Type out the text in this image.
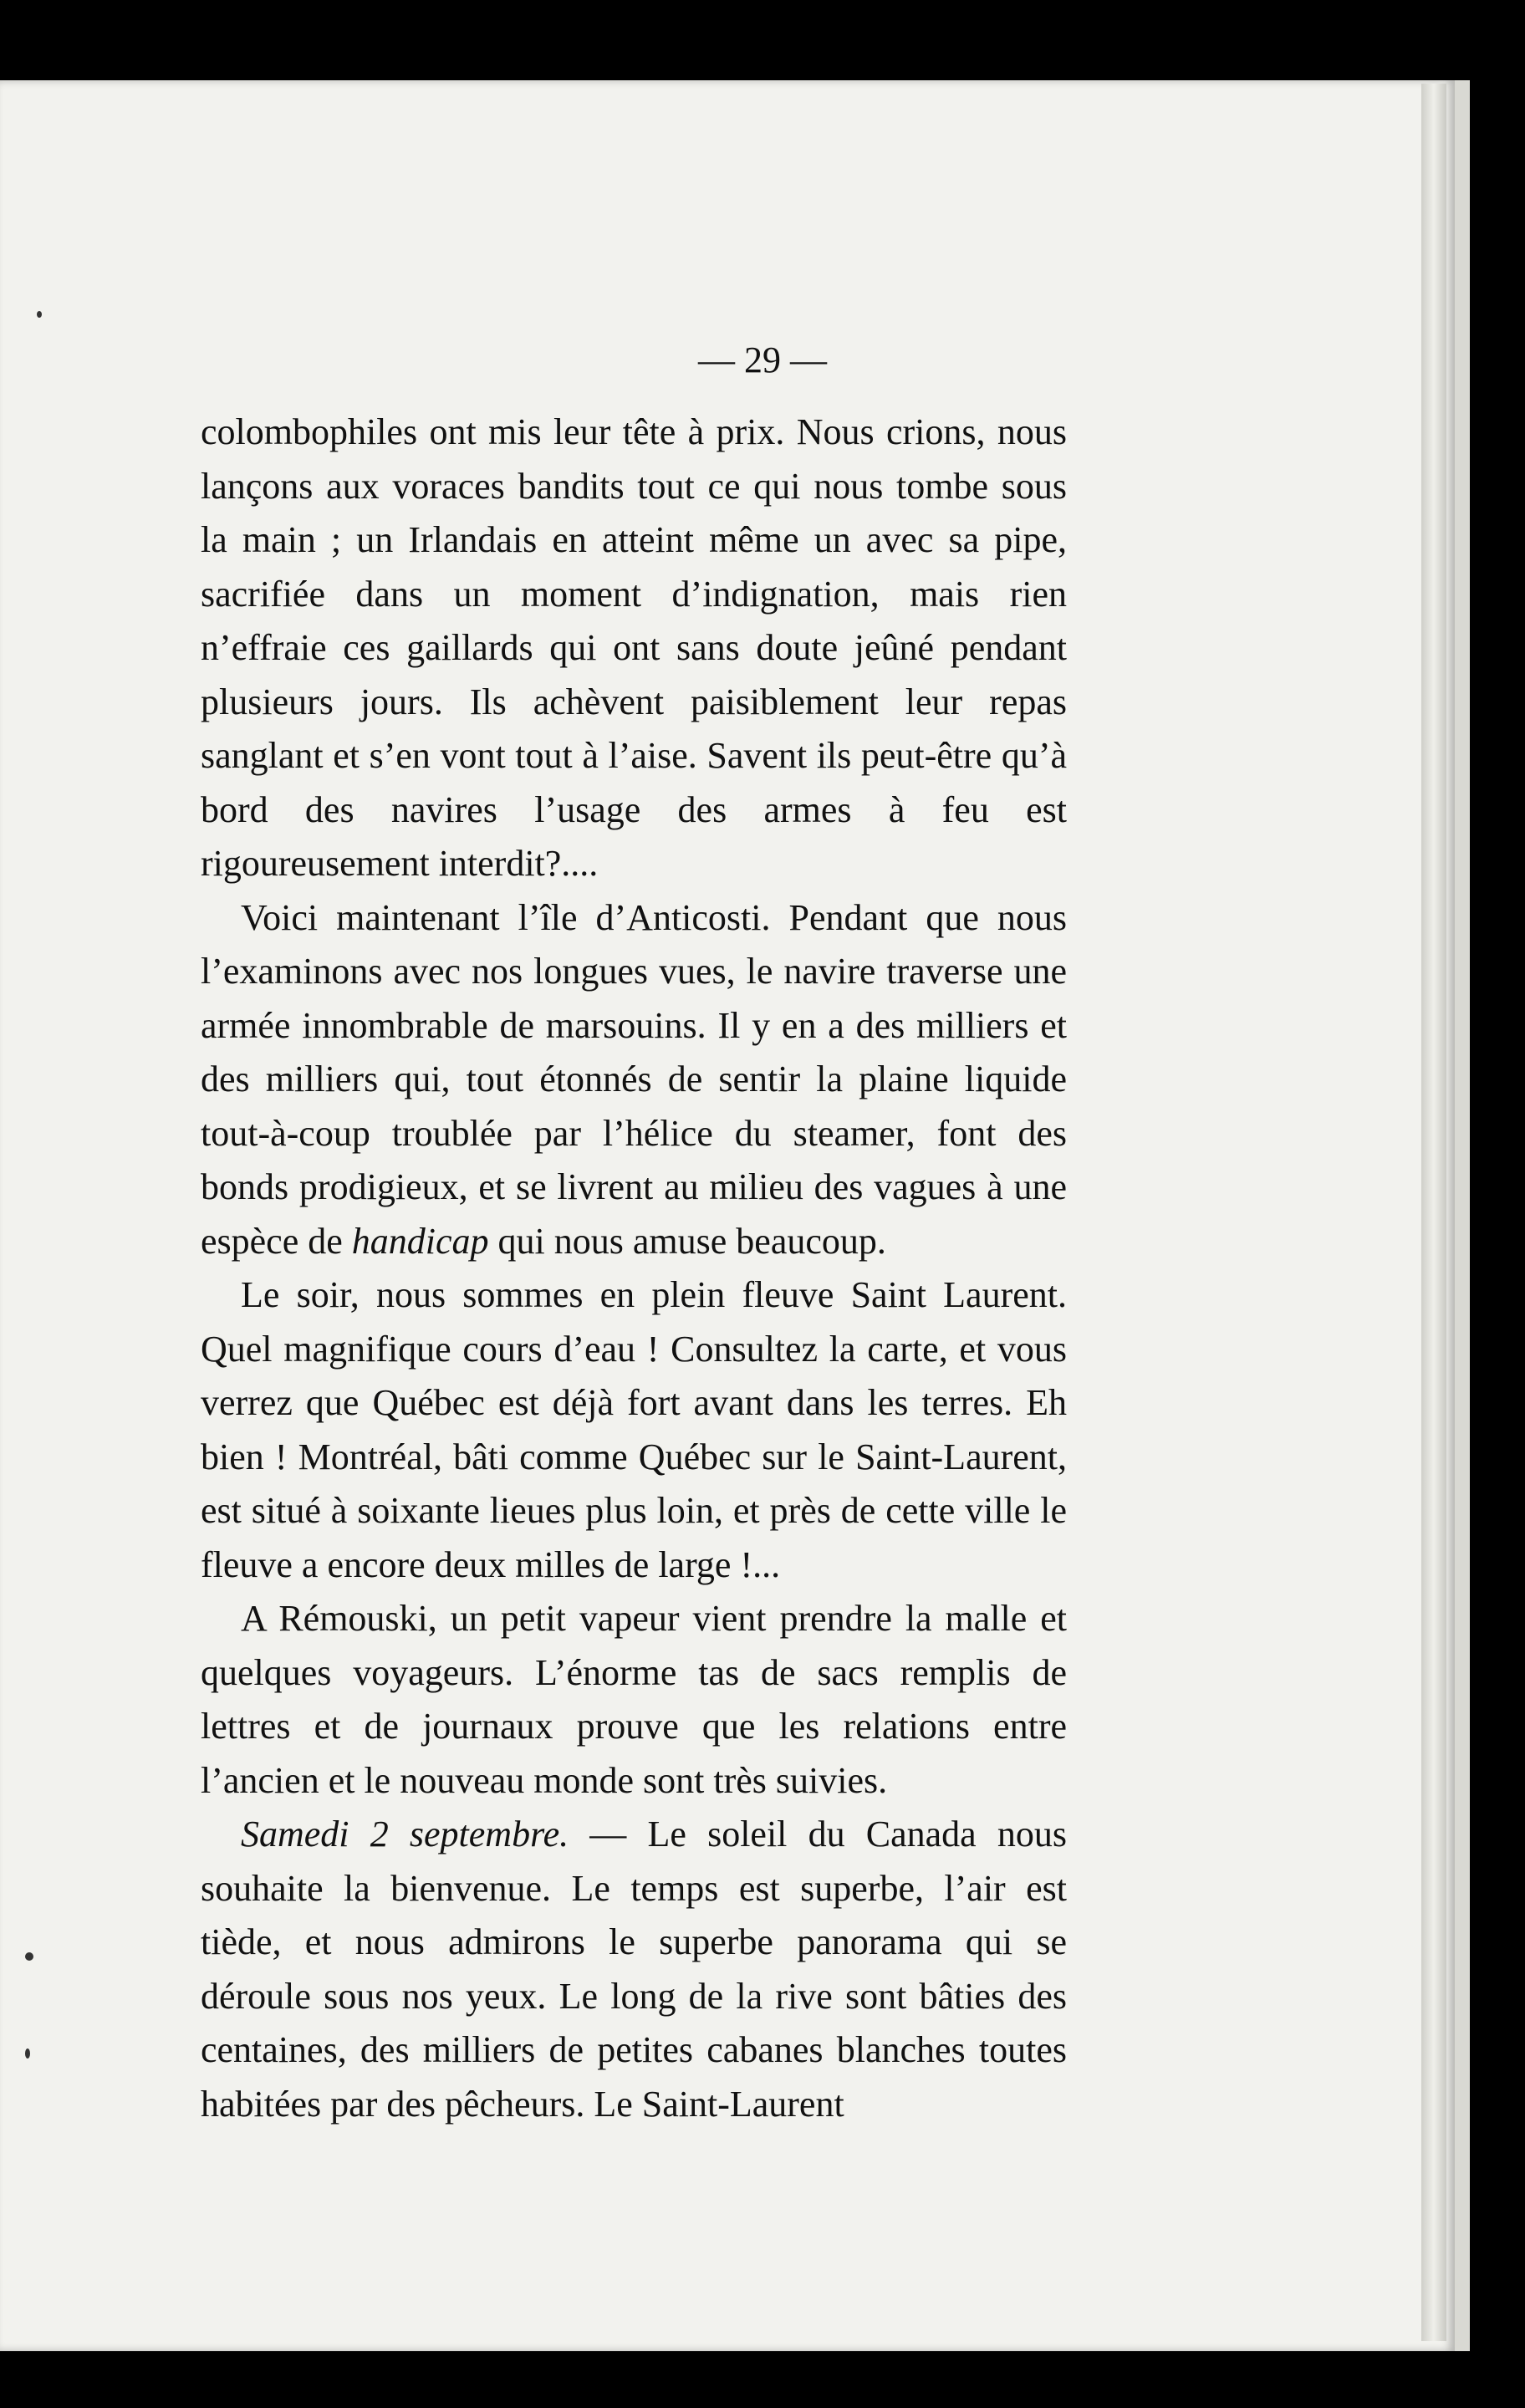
— 29 —

colombophiles ont mis leur tête à prix. Nous crions, nous lançons aux voraces bandits tout ce qui nous tombe sous la main ; un Irlandais en atteint même un avec sa pipe, sacrifiée dans un moment d’indignation, mais rien n’effraie ces gaillards qui ont sans doute jeûné pendant plusieurs jours. Ils achèvent paisiblement leur repas sanglant et s’en vont tout à l’aise. Savent ils peut-être qu’à bord des navires l’usage des armes à feu est rigoureusement interdit?....

Voici maintenant l’île d’Anticosti. Pendant que nous l’examinons avec nos longues vues, le navire traverse une armée innombrable de marsouins. Il y en a des milliers et des milliers qui, tout étonnés de sentir la plaine liquide tout-à-coup troublée par l’hélice du steamer, font des bonds prodigieux, et se livrent au milieu des vagues à une espèce de handicap qui nous amuse beaucoup.

Le soir, nous sommes en plein fleuve Saint Laurent. Quel magnifique cours d’eau ! Consultez la carte, et vous verrez que Québec est déjà fort avant dans les terres. Eh bien ! Montréal, bâti comme Québec sur le Saint-Laurent, est situé à soixante lieues plus loin, et près de cette ville le fleuve a encore deux milles de large !...

A Rémouski, un petit vapeur vient prendre la malle et quelques voyageurs. L’énorme tas de sacs remplis de lettres et de journaux prouve que les relations entre l’ancien et le nouveau monde sont très suivies.

Samedi 2 septembre. — Le soleil du Canada nous souhaite la bienvenue. Le temps est superbe, l’air est tiède, et nous admirons le superbe panorama qui se déroule sous nos yeux. Le long de la rive sont bâties des centaines, des milliers de petites cabanes blanches toutes habitées par des pêcheurs. Le Saint-Laurent
